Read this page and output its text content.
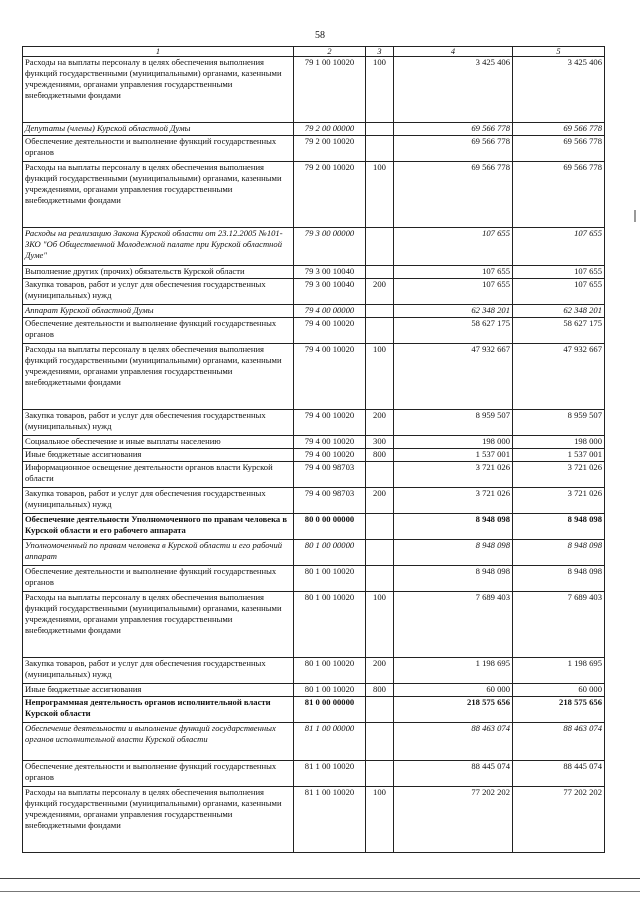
58
1	2	3	4	5
Расходы на выплаты персоналу в целях обеспечения выполнения функций государственными (муниципальными) органами, казенными учреждениями, органами управления государственными внебюджетными фондами	79 1 00 10020	100	3 425 406	3 425 406
Депутаты (члены) Курской областной Думы	79 2 00 00000		69 566 778	69 566 778
Обеспечение деятельности и выполнение функций государственных органов	79 2 00 10020		69 566 778	69 566 778
Расходы на выплаты персоналу в целях обеспечения выполнения функций государственными (муниципальными) органами, казенными учреждениями, органами управления государственными внебюджетными фондами	79 2 00 10020	100	69 566 778	69 566 778
Расходы на реализацию Закона Курской области от 23.12.2005 №101-ЗКО "Об Общественной Молодежной палате при Курской областной Думе"	79 3 00 00000		107 655	107 655
Выполнение других (прочих) обязательств Курской области	79 3 00 10040		107 655	107 655
Закупка товаров, работ и услуг для обеспечения государственных (муниципальных) нужд	79 3 00 10040	200	107 655	107 655
Аппарат Курской областной Думы	79 4 00 00000		62 348 201	62 348 201
Обеспечение деятельности и выполнение функций государственных органов	79 4 00 10020		58 627 175	58 627 175
Расходы на выплаты персоналу в целях обеспечения выполнения функций государственными (муниципальными) органами, казенными учреждениями, органами управления государственными внебюджетными фондами	79 4 00 10020	100	47 932 667	47 932 667
Закупка товаров, работ и услуг для обеспечения государственных (муниципальных) нужд	79 4 00 10020	200	8 959 507	8 959 507
Социальное обеспечение и иные выплаты населению	79 4 00 10020	300	198 000	198 000
Иные бюджетные ассигнования	79 4 00 10020	800	1 537 001	1 537 001
Информационное освещение деятельности органов власти Курской области	79 4 00 98703		3 721 026	3 721 026
Закупка товаров, работ и услуг для обеспечения государственных (муниципальных) нужд	79 4 00 98703	200	3 721 026	3 721 026
Обеспечение деятельности Уполномоченного по правам человека в Курской области и его рабочего аппарата	80 0 00 00000		8 948 098	8 948 098
Уполномоченный по правам человека в Курской области и его рабочий аппарат	80 1 00 00000		8 948 098	8 948 098
Обеспечение деятельности и выполнение функций государственных органов	80 1 00 10020		8 948 098	8 948 098
Расходы на выплаты персоналу в целях обеспечения выполнения функций государственными (муниципальными) органами, казенными учреждениями, органами управления государственными внебюджетными фондами	80 1 00 10020	100	7 689 403	7 689 403
Закупка товаров, работ и услуг для обеспечения государственных (муниципальных) нужд	80 1 00 10020	200	1 198 695	1 198 695
Иные бюджетные ассигнования	80 1 00 10020	800	60 000	60 000
Непрограммная деятельность органов исполнительной власти Курской области	81 0 00 00000		218 575 656	218 575 656
Обеспечение деятельности и выполнение функций государственных органов исполнительной власти Курской области	81 1 00 00000		88 463 074	88 463 074
Обеспечение деятельности и выполнение функций государственных органов	81 1 00 10020		88 445 074	88 445 074
Расходы на выплаты персоналу в целях обеспечения выполнения функций государственными (муниципальными) органами, казенными учреждениями, органами управления государственными внебюджетными фондами	81 1 00 10020	100	77 202 202	77 202 202
